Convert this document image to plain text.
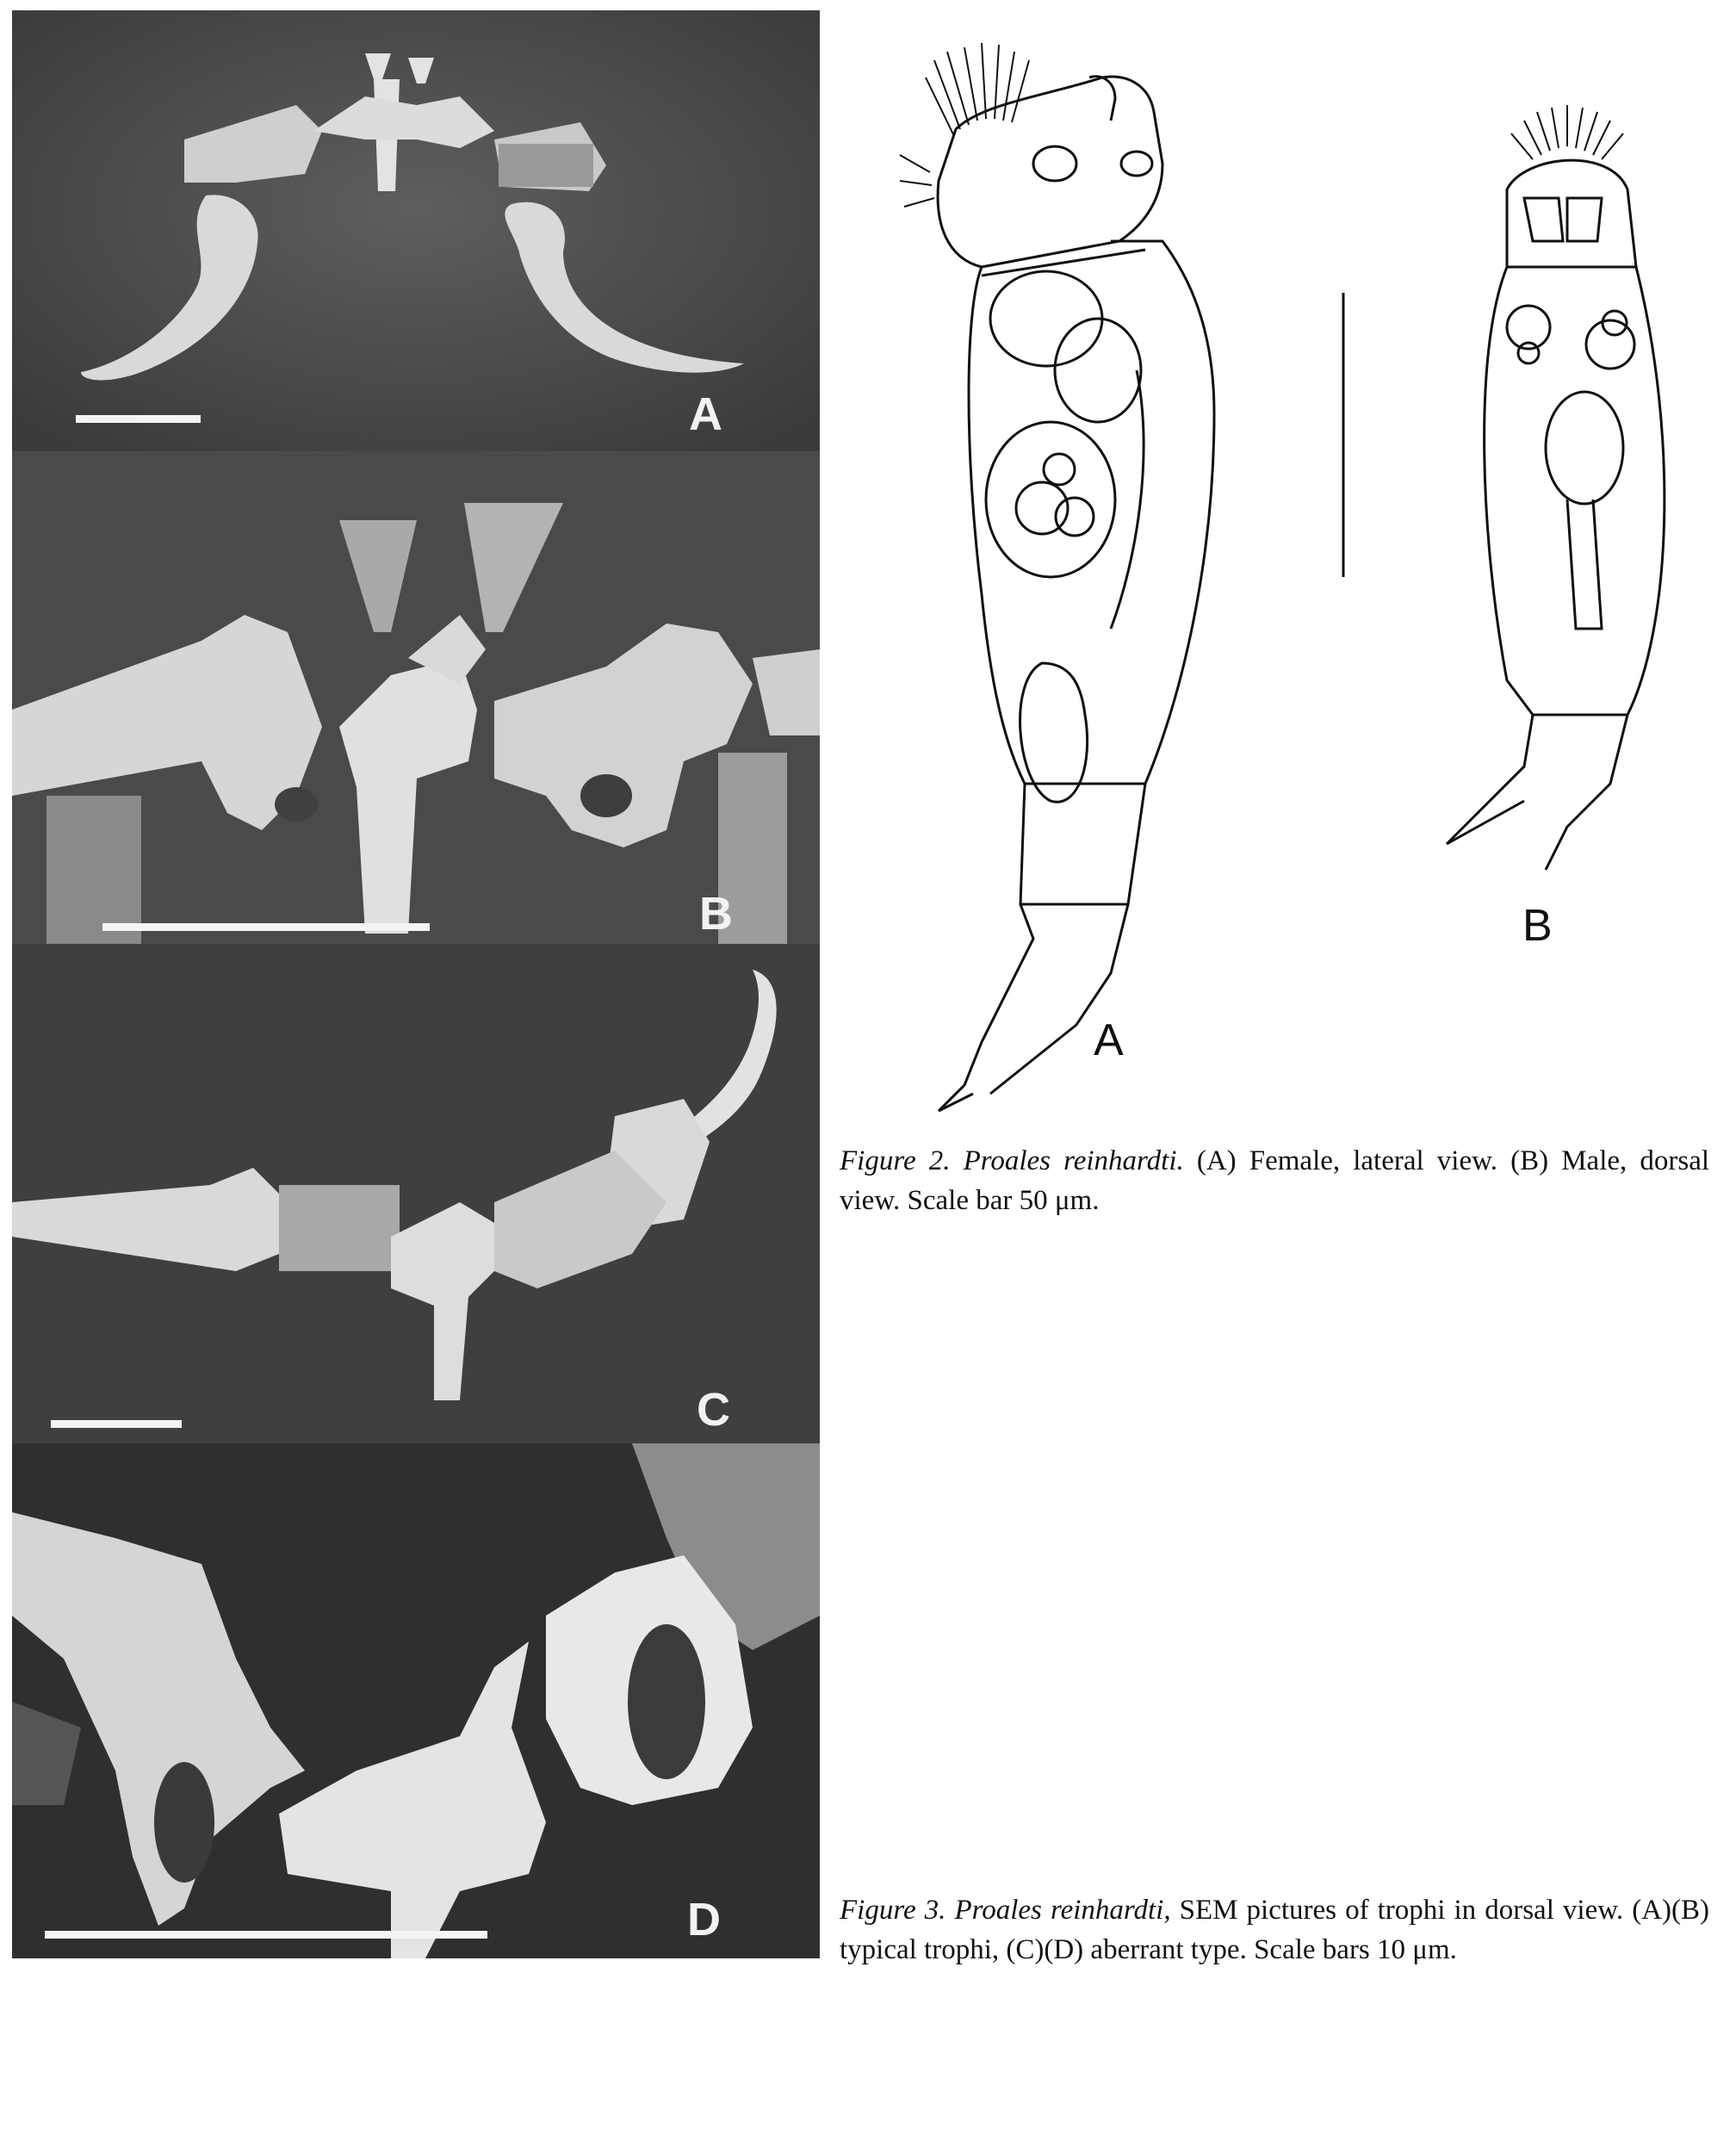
A
B
C
D
A
B
Figure 2. Proales reinhardti. (A) Female, lateral view. (B) Male, dorsal view. Scale bar 50 μm.
Figure 3. Proales reinhardti, SEM pictures of trophi in dorsal view. (A)(B) typical trophi, (C)(D) aberrant type. Scale bars 10 μm.
